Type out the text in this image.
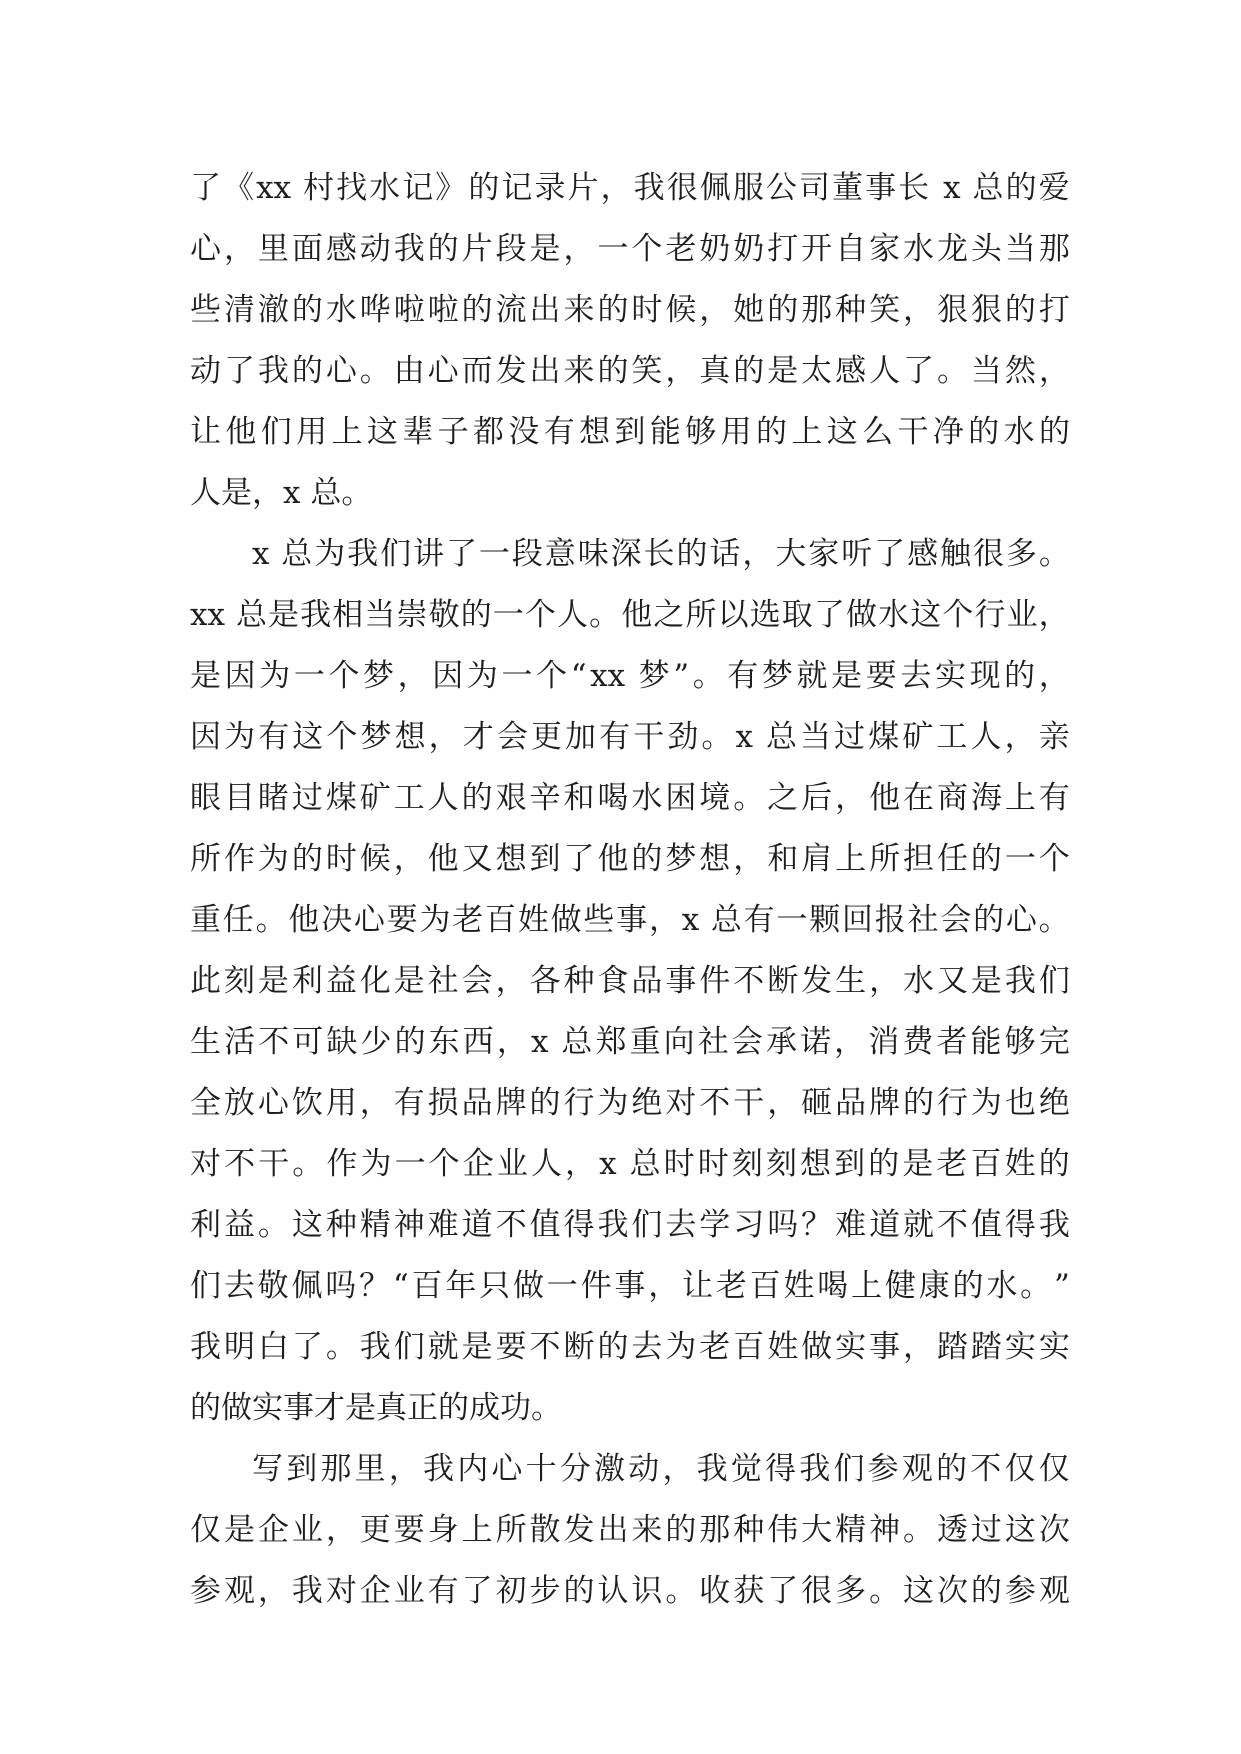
了 《 xx 村 找 水 记 》 的 记 录 片 ， 我 很 佩 服 公 司 董 事 长
x 总 的 爱
心 ， 里 面 感 动 我 的 片 段 是 ， 一 个 老 奶 奶 打 开 自 家 水 龙 头 当 那
些 清 澈 的 水 哗 啦 啦 的 流 出 来 的 时 候 ， 她 的 那 种 笑 ， 狠 狠 的 打
动 了 我 的 心 。 由 心 而 发 出 来 的 笑 ， 真 的 是 太 感 人 了 。 当 然 ，
让 他 们 用 上 这 辈 子 都 没 有 想 到 能 够 用 的 上 这 么 干 净 的 水 的
人是，x 总。
x 总 为 我 们 讲 了 一 段 意 味 深 长 的 话 ， 大 家 听 了 感 触 很 多 。
xx 总 是 我 相 当 崇 敬 的 一 个 人 。 他 之 所 以 选 取 了 做 水 这 个 行 业 ，
是 因 为 一 个 梦 ， 因 为 一 个 “ xx 梦 ” 。 有 梦 就 是 要 去 实 现 的 ，
因 为 有 这 个 梦 想 ， 才 会 更 加 有 干 劲 。 x 总 当 过 煤 矿 工 人 ， 亲
眼 目 睹 过 煤 矿 工 人 的 艰 辛 和 喝 水 困 境 。 之 后 ， 他 在 商 海 上 有
所 作 为 的 时 候 ， 他 又 想 到 了 他 的 梦 想 ， 和 肩 上 所 担 任 的 一 个
重 任 。 他 决 心 要 为 老 百 姓 做 些 事 ， x 总 有 一 颗 回 报 社 会 的 心 。
此 刻 是 利 益 化 是 社 会 ， 各 种 食 品 事 件 不 断 发 生 ， 水 又 是 我 们
生 活 不 可 缺 少 的 东 西 ， x 总 郑 重 向 社 会 承 诺 ， 消 费 者 能 够 完
全 放 心 饮 用 ， 有 损 品 牌 的 行 为 绝 对 不 干 ， 砸 品 牌 的 行 为 也 绝
对 不 干 。 作 为 一 个 企 业 人 ， x 总 时 时 刻 刻 想 到 的 是 老 百 姓 的
利 益 。 这 种 精 神 难 道 不 值 得 我 们 去 学 习 吗 ？ 难 道 就 不 值 得 我
们 去 敬 佩 吗 ？ “ 百 年 只 做 一 件 事 ， 让 老 百 姓 喝 上 健 康 的 水 。 ”
我 明 白 了 。 我 们 就 是 要 不 断 的 去 为 老 百 姓 做 实 事 ， 踏 踏 实 实
的做实事才是真正的成功。
写 到 那 里 ， 我 内 心 十 分 激 动 ， 我 觉 得 我 们 参 观 的 不 仅 仅
仅 是 企 业 ， 更 要 身 上 所 散 发 出 来 的 那 种 伟 大 精 神 。 透 过 这 次
参 观 ， 我 对 企 业 有 了 初 步 的 认 识 。 收 获 了 很 多 。 这 次 的 参 观
